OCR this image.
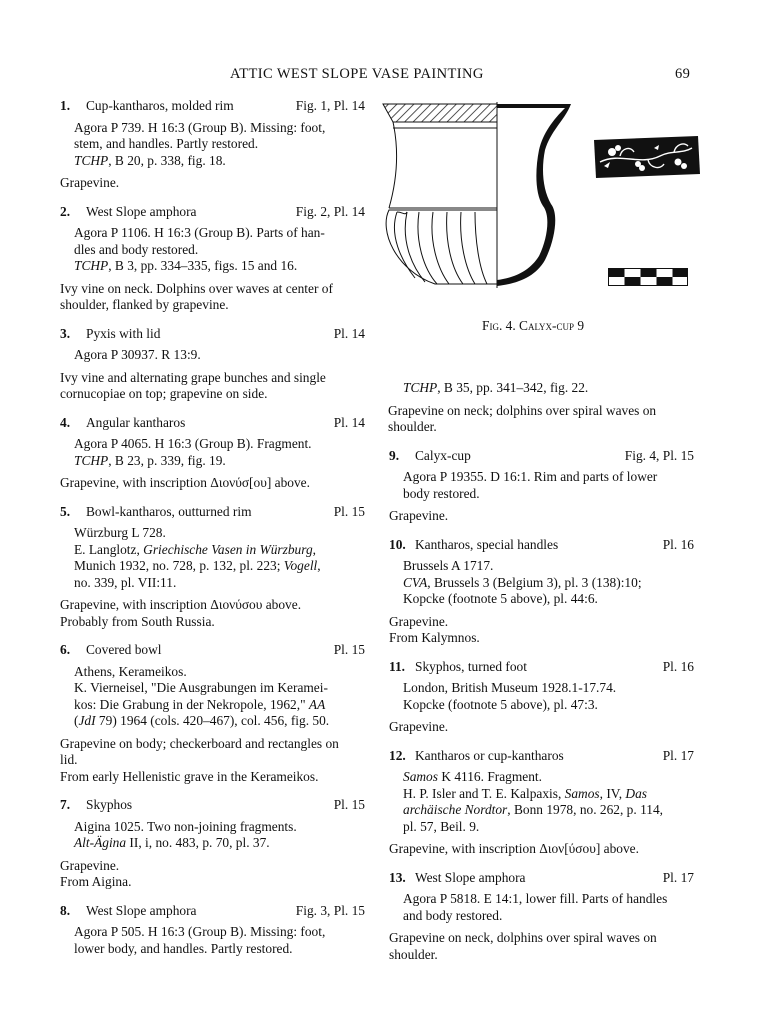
ATTIC WEST SLOPE VASE PAINTING	69
Fig. 4. Calyx-cup 9
1. Cup-kantharos, molded rim	Fig. 1, Pl. 14
Agora P 739. H 16:3 (Group B). Missing: foot,
stem, and handles. Partly restored.
TCHP, B 20, p. 338, fig. 18.
Grapevine.
2. West Slope amphora	Fig. 2, Pl. 14
Agora P 1106. H 16:3 (Group B). Parts of han-
dles and body restored.
TCHP, B 3, pp. 334–335, figs. 15 and 16.
Ivy vine on neck. Dolphins over waves at center of
shoulder, flanked by grapevine.
3. Pyxis with lid	Pl. 14
Agora P 30937. R 13:9.
Ivy vine and alternating grape bunches and single
cornucopiae on top; grapevine on side.
4. Angular kantharos	Pl. 14
Agora P 4065. H 16:3 (Group B). Fragment.
TCHP, B 23, p. 339, fig. 19.
Grapevine, with inscription Διονύσ[ου] above.
5. Bowl-kantharos, outturned rim	Pl. 15
Würzburg L 728.
E. Langlotz, Griechische Vasen in Würzburg,
Munich 1932, no. 728, p. 132, pl. 223; Vogell,
no. 339, pl. VII:11.
Grapevine, with inscription Διονύσου above.
Probably from South Russia.
6. Covered bowl	Pl. 15
Athens, Kerameikos.
K. Vierneisel, "Die Ausgrabungen im Keramei-
kos: Die Grabung in der Nekropole, 1962," AA
(JdI 79) 1964 (cols. 420–467), col. 456, fig. 50.
Grapevine on body; checkerboard and rectangles on
lid.
From early Hellenistic grave in the Kerameikos.
7. Skyphos	Pl. 15
Aigina 1025. Two non-joining fragments.
Alt-Ägina II, i, no. 483, p. 70, pl. 37.
Grapevine.
From Aigina.
8. West Slope amphora	Fig. 3, Pl. 15
Agora P 505. H 16:3 (Group B). Missing: foot,
lower body, and handles. Partly restored.
TCHP, B 35, pp. 341–342, fig. 22.
Grapevine on neck; dolphins over spiral waves on
shoulder.
9. Calyx-cup	Fig. 4, Pl. 15
Agora P 19355. D 16:1. Rim and parts of lower
body restored.
Grapevine.
10. Kantharos, special handles	Pl. 16
Brussels A 1717.
CVA, Brussels 3 (Belgium 3), pl. 3 (138):10;
Kopcke (footnote 5 above), pl. 44:6.
Grapevine.
From Kalymnos.
11. Skyphos, turned foot	Pl. 16
London, British Museum 1928.1-17.74.
Kopcke (footnote 5 above), pl. 47:3.
Grapevine.
12. Kantharos or cup-kantharos	Pl. 17
Samos K 4116. Fragment.
H. P. Isler and T. E. Kalpaxis, Samos, IV, Das
archäische Nordtor, Bonn 1978, no. 262, p. 114,
pl. 57, Beil. 9.
Grapevine, with inscription Διον[ύσου] above.
13. West Slope amphora	Pl. 17
Agora P 5818. E 14:1, lower fill. Parts of handles
and body restored.
Grapevine on neck, dolphins over spiral waves on
shoulder.
